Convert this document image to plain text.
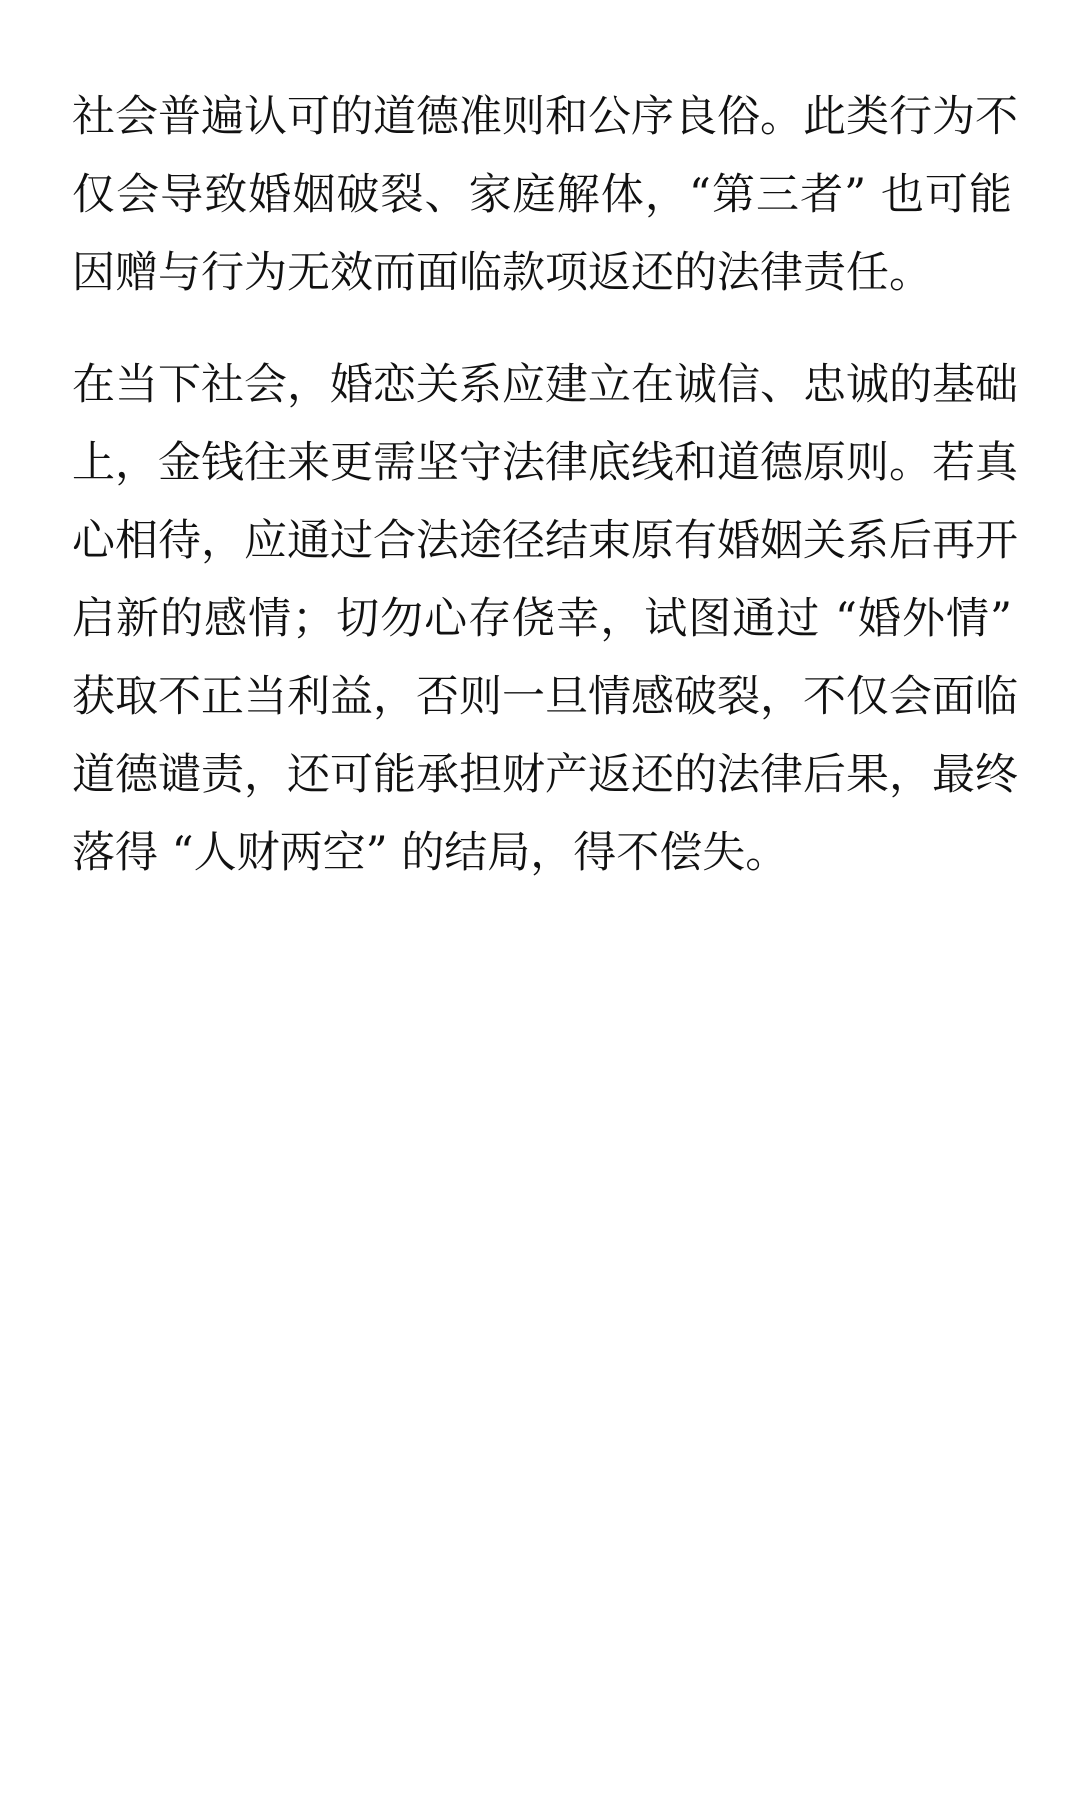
社会普遍认可的道德准则和公序良俗。此类行为不
仅会导致婚姻破裂、家庭解体，“第三者” 也可能
因赠与行为无效而面临款项返还的法律责任。
在当下社会，婚恋关系应建立在诚信、忠诚的基础
上，金钱往来更需坚守法律底线和道德原则。若真
心相待，应通过合法途径结束原有婚姻关系后再开
启新的感情；切勿心存侥幸，试图通过 “婚外情”
获取不正当利益，否则一旦情感破裂，不仅会面临
道德谴责，还可能承担财产返还的法律后果，最终
落得 “人财两空” 的结局，得不偿失。
